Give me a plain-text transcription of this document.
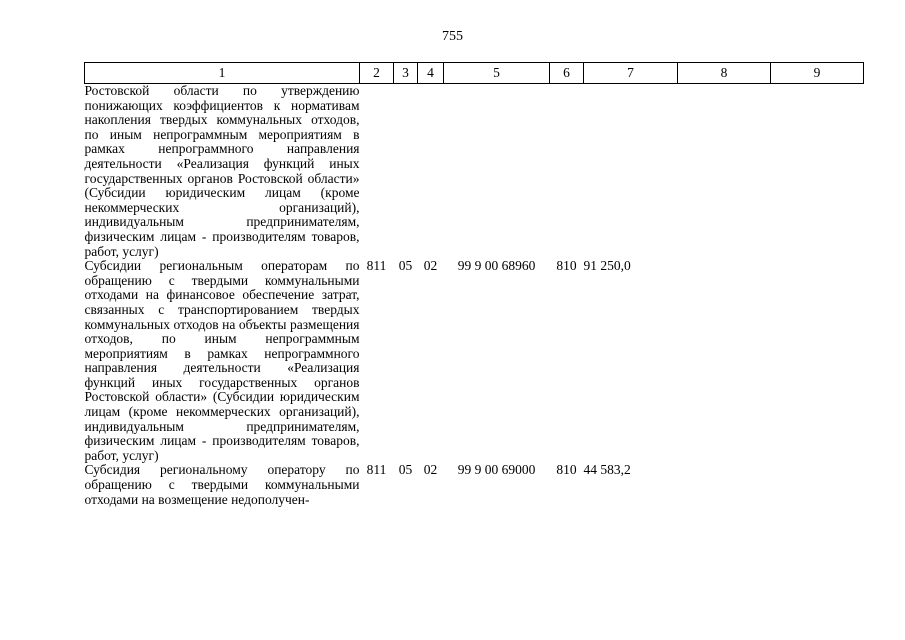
755
1	2	3	4	5	6	7	8	9
Ростовской области по утверждению понижающих коэффициентов к нормативам накопления твердых коммунальных отходов, по иным непрограммным мероприятиям в рамках непрограммного направления деятельности «Реализация функций иных государственных органов Ростовской области» (Субсидии юридическим лицам (кроме некоммерческих организаций), индивидуальным предпринимателям, физическим лицам - производителям товаров, работ, услуг)								
Субсидии региональным операторам по обращению с твердыми коммунальными отходами на финансовое обеспечение затрат, связанных с транспортированием твердых коммунальных отходов на объекты размещения отходов, по иным непрограммным мероприятиям в рамках непрограммного направления деятельности «Реализация функций иных государственных органов Ростовской области» (Субсидии юридическим лицам (кроме некоммерческих организаций), индивидуальным предпринимателям, физическим лицам - производителям товаров, работ, услуг)	811	05	02	99 9 00 68960	810	91 250,0		
Субсидия региональному оператору по обращению с твердыми коммунальными отходами на возмещение недополучен-	811	05	02	99 9 00 69000	810	44 583,2		
